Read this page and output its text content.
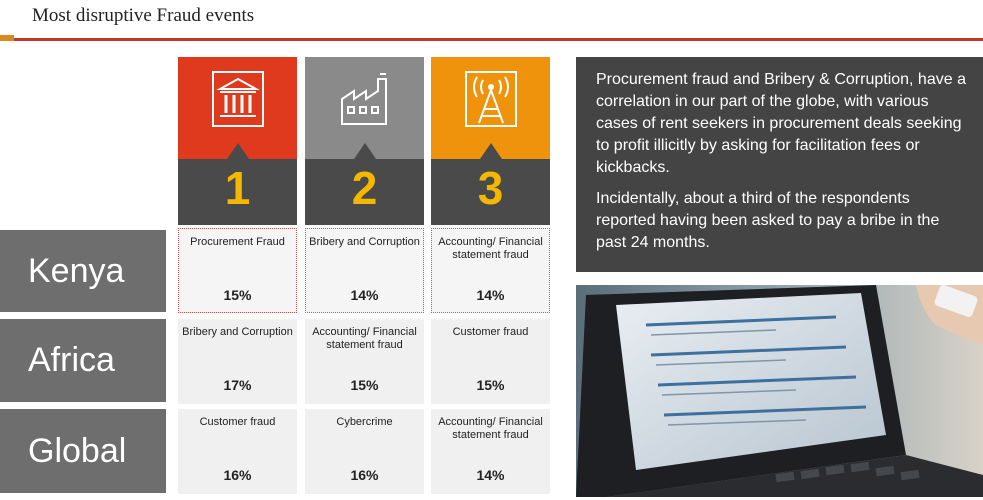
Most disruptive Fraud events
1	2	3
Kenya
Africa
Global
Procurement Fraud
15%
Bribery and Corruption
14%
Accounting/ Financial statement fraud
14%
Bribery and Corruption
17%
Accounting/ Financial statement fraud
15%
Customer fraud
15%
Customer fraud
16%
Cybercrime
16%
Accounting/ Financial statement fraud
14%

Procurement fraud and Bribery & Corruption, have a correlation in our part of the globe, with various cases of rent seekers in procurement deals seeking to profit illicitly by asking for facilitation fees or kickbacks.

Incidentally, about a third of the respondents reported having been asked to pay a bribe in the past 24 months.
